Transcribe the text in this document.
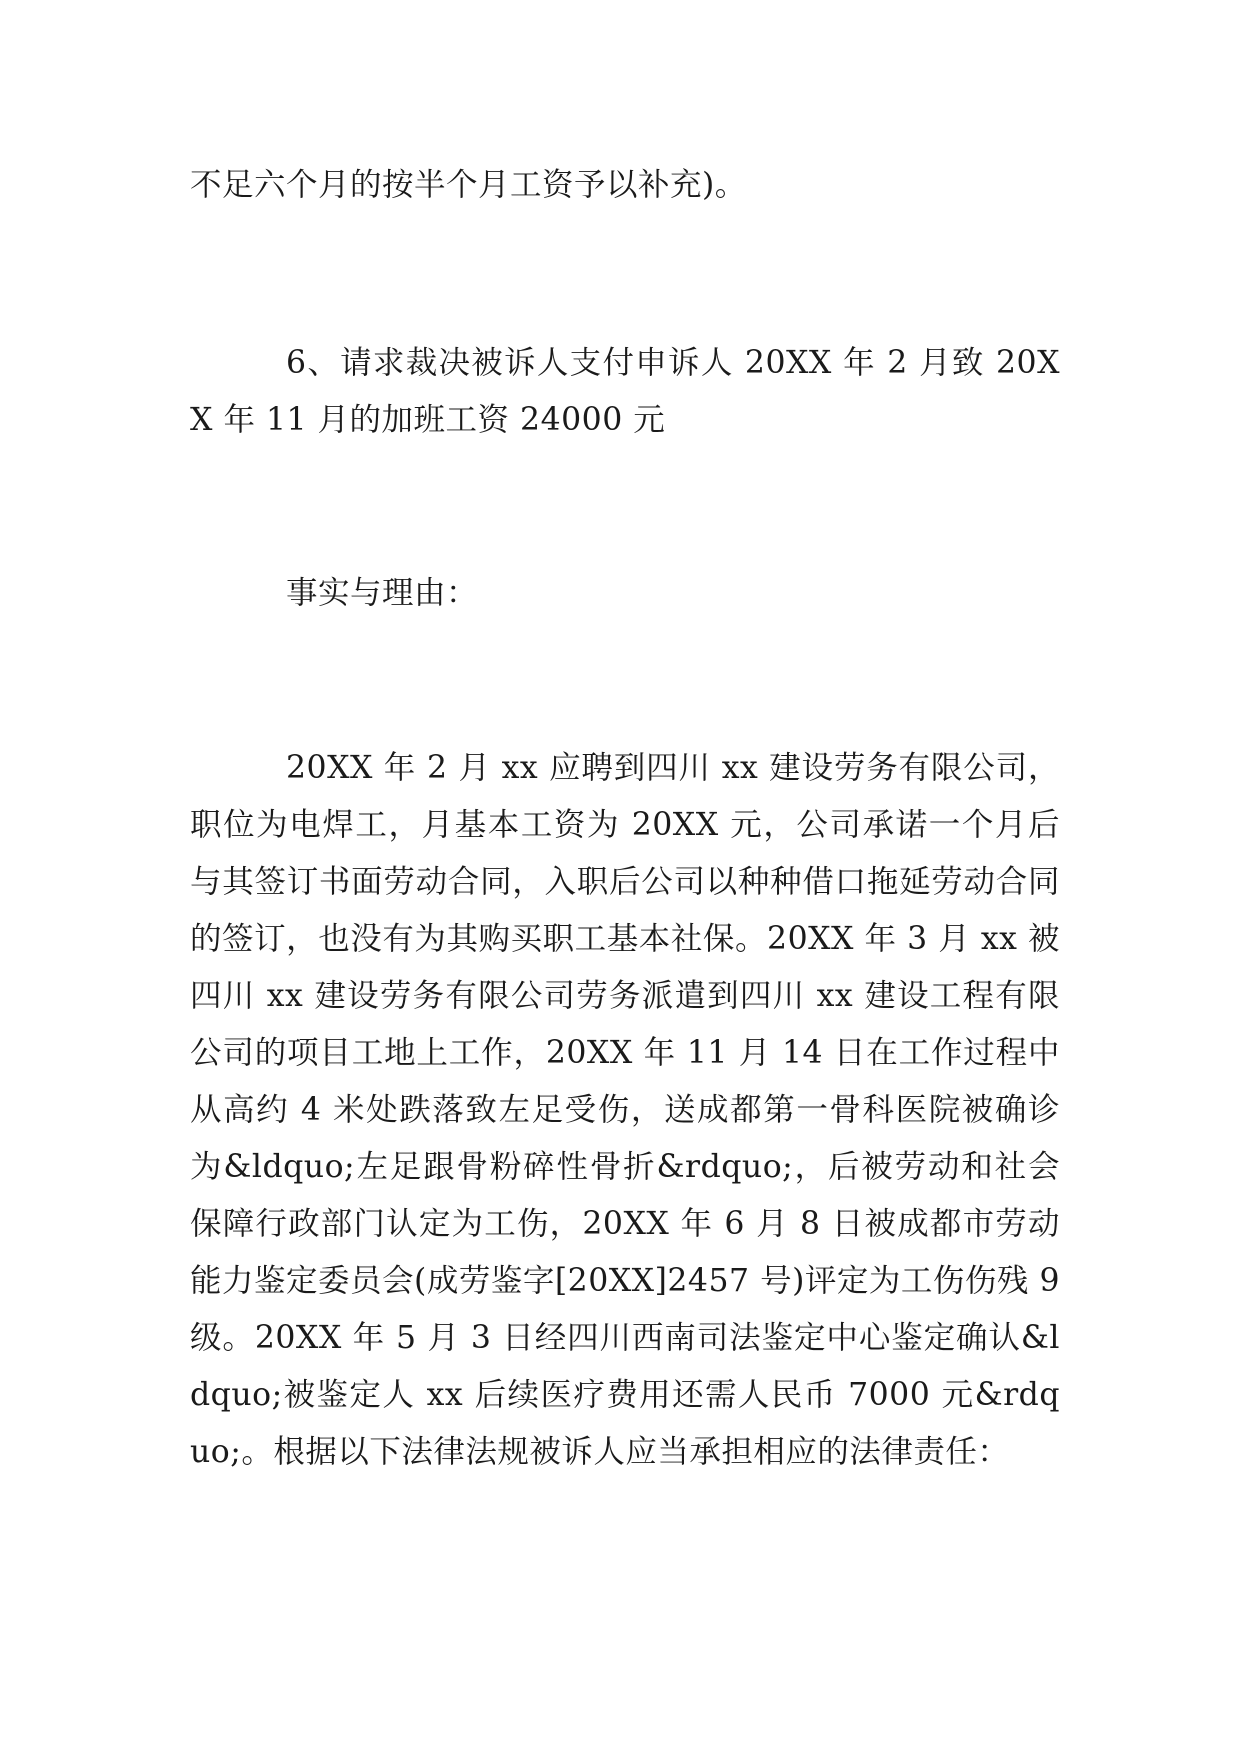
不足六个月的按半个月工资予以补充)。

6、请求裁决被诉人支付申诉人 20XX 年 2 月致 20XX 年 11 月的加班工资 24000 元

事实与理由：

20XX 年 2 月 xx 应聘到四川 xx 建设劳务有限公司，职位为电焊工，月基本工资为 20XX 元，公司承诺一个月后与其签订书面劳动合同，入职后公司以种种借口拖延劳动合同的签订，也没有为其购买职工基本社保。20XX 年 3 月 xx 被四川 xx 建设劳务有限公司劳务派遣到四川 xx 建设工程有限公司的项目工地上工作，20XX 年 11 月 14 日在工作过程中从高约 4 米处跌落致左足受伤，送成都第一骨科医院被确诊为&ldquo;左足跟骨粉碎性骨折&rdquo;，后被劳动和社会保障行政部门认定为工伤，20XX 年 6 月 8 日被成都市劳动能力鉴定委员会(成劳鉴字[20XX]2457 号)评定为工伤伤残 9 级。20XX 年 5 月 3 日经四川西南司法鉴定中心鉴定确认&ldquo;被鉴定人 xx 后续医疗费用还需人民币 7000 元&rdquo;。根据以下法律法规被诉人应当承担相应的法律责任：
